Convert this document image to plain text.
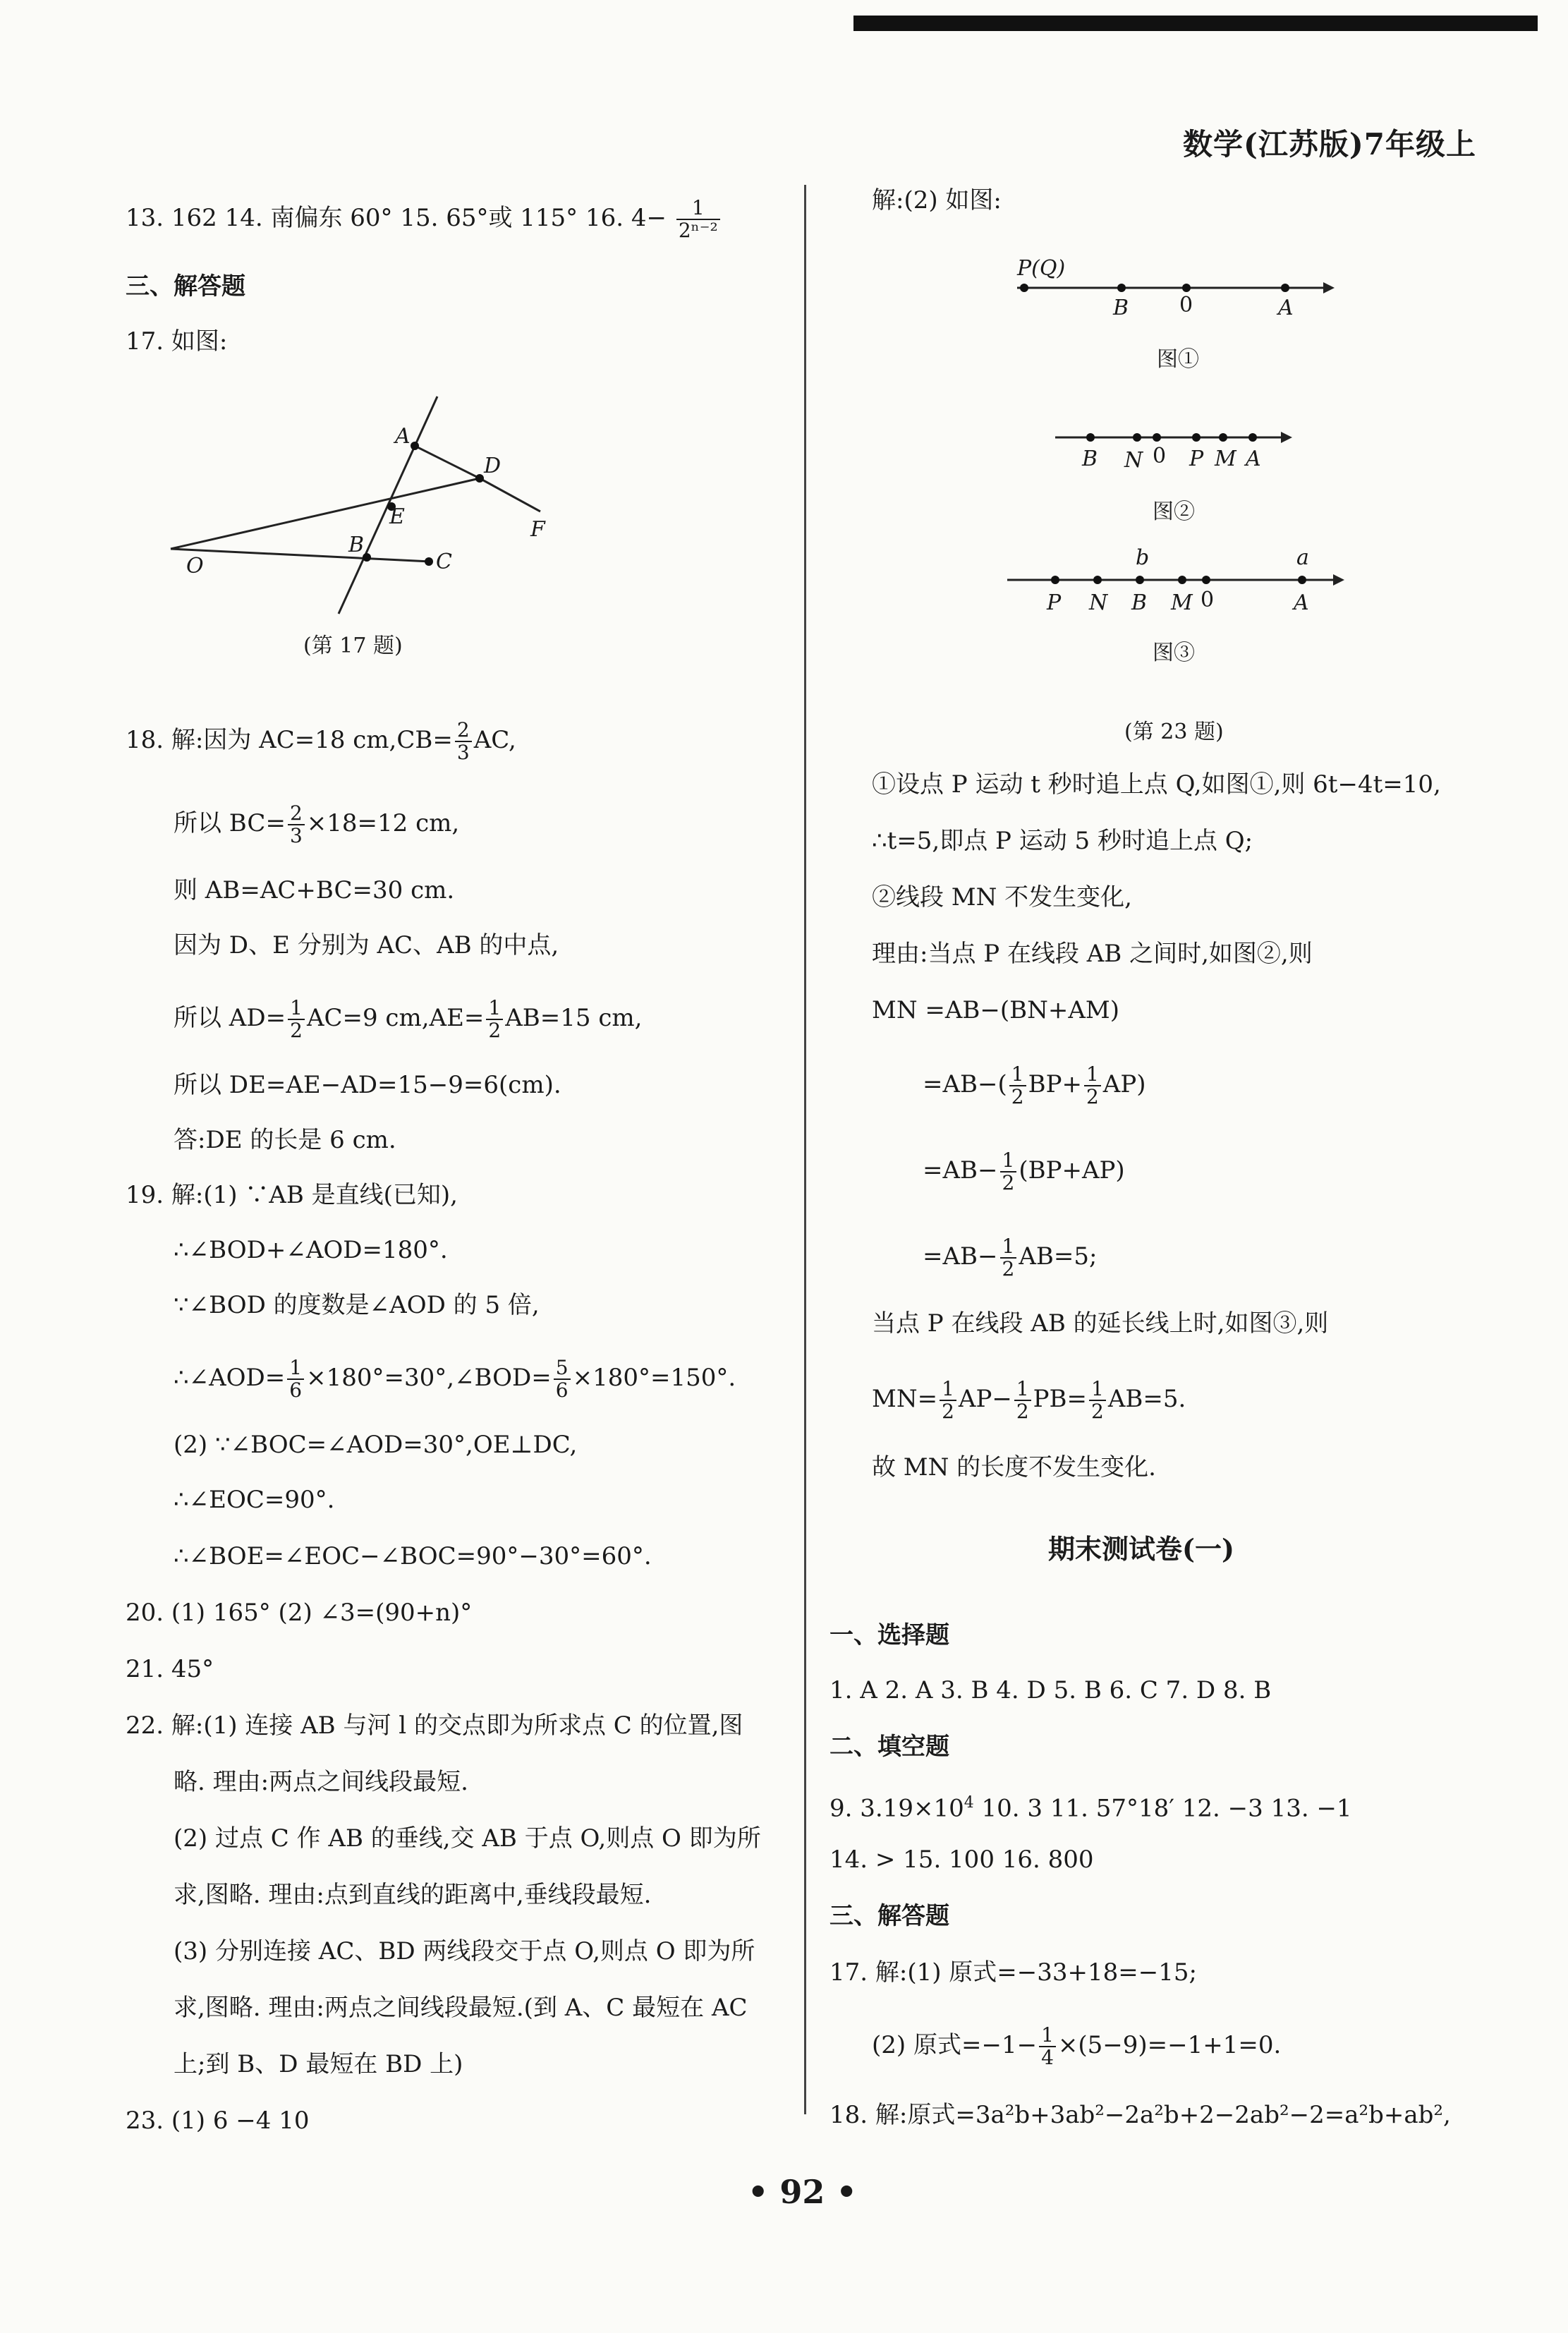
数学(江苏版)7年级上
13. 162 14. 南偏东 60° 15. 65°或 115° 16. $4- \frac{1}{\text{2ⁿ⁻²}}$
三、解答题
17. 如图:
A
D
E
F
B
O	C
(第 17 题)
18. 解:因为 AC=18 $cm,CB= \frac{2}{3}$ AC,
所以 $BC= \frac{2}{3} \times 18=12$ cm,
则 AB=AC+BC=30 cm.
因为 D、E 分别为 AC、AB 的中点,
所以 $AD= \frac{1}{2} AC=9$ $cm,AE= \frac{1}{2} AB=15$ cm,
所以 DE=AE−AD=15−9=6(cm).
答:DE 的长是 6 cm.
19. 解:(1) ∵AB 是直线(已知),
∴∠BOD+∠AOD=180°.
∵∠BOD 的度数是∠AOD 的 5 倍,
∴∠AOD= $\frac{1}{6}$ ×180°=30°,∠BOD= $\frac{5}{6} \times 180^\circ=150^\circ$.
(2) ∵∠BOC=∠AOD=30°,OE⊥DC,
∴∠EOC=90°.
∴∠BOE=∠EOC−∠BOC=90°−30°=60°.
20. (1) 165° (2) ∠3=(90+n)°
21. 45°
22. 解:(1) 连接 AB 与河 l 的交点即为所求点 C 的位置,图
略. 理由:两点之间线段最短.
(2) 过点 C 作 AB 的垂线,交 AB 于点 O,则点 O 即为所
求,图略. 理由:点到直线的距离中,垂线段最短.
(3) 分别连接 AC、BD 两线段交于点 O,则点 O 即为所
求,图略. 理由:两点之间线段最短.(到 A、C 最短在 AC
上;到 B、D 最短在 BD 上)
23. (1) 6 −4 10
解:(2) 如图:
P(Q)
B 0	A
图①
B N 0 P M A
图②
b	a
P N B M 0	A
图③
(第 23 题)
①设点 P 运动 t 秒时追上点 Q,如图①,则 6t−4t=10,
∴t=5,即点 P 运动 5 秒时追上点 Q;
②线段 MN 不发生变化,
理由:当点 P 在线段 AB 之间时,如图②,则
MN =AB−(BN+AM)
$=AB-( \frac{1}{2} BP+ \frac{1}{2} AP)$
$=AB- \frac{1}{2} (BP+AP)$
$=AB- \frac{1}{2} AB=5$;
当点 P 在线段 AB 的延长线上时,如图③,则
$MN= \frac{1}{2} AP- \frac{1}{2} PB= \frac{1}{2} AB=5$.
故 MN 的长度不发生变化.
期末测试卷(一)
一、选择题
1. A 2. A 3. B 4. D 5. B 6. C 7. D 8. B
二、填空题
9. $3.19\times 10^4$ 10. 3 11. 57°18′ 12. −3 13. −1
14. > 15. 100 16. 800
三、解答题
17. 解:(1) 原式=−33+18=−15;
(2) 原式$=-1- \frac{1}{4} \times(5-9)=-1+1=0$.
18. 解:原式=3a²b+3ab²−2a²b+2−2ab²−2=a²b+ab²,
• 92 •
